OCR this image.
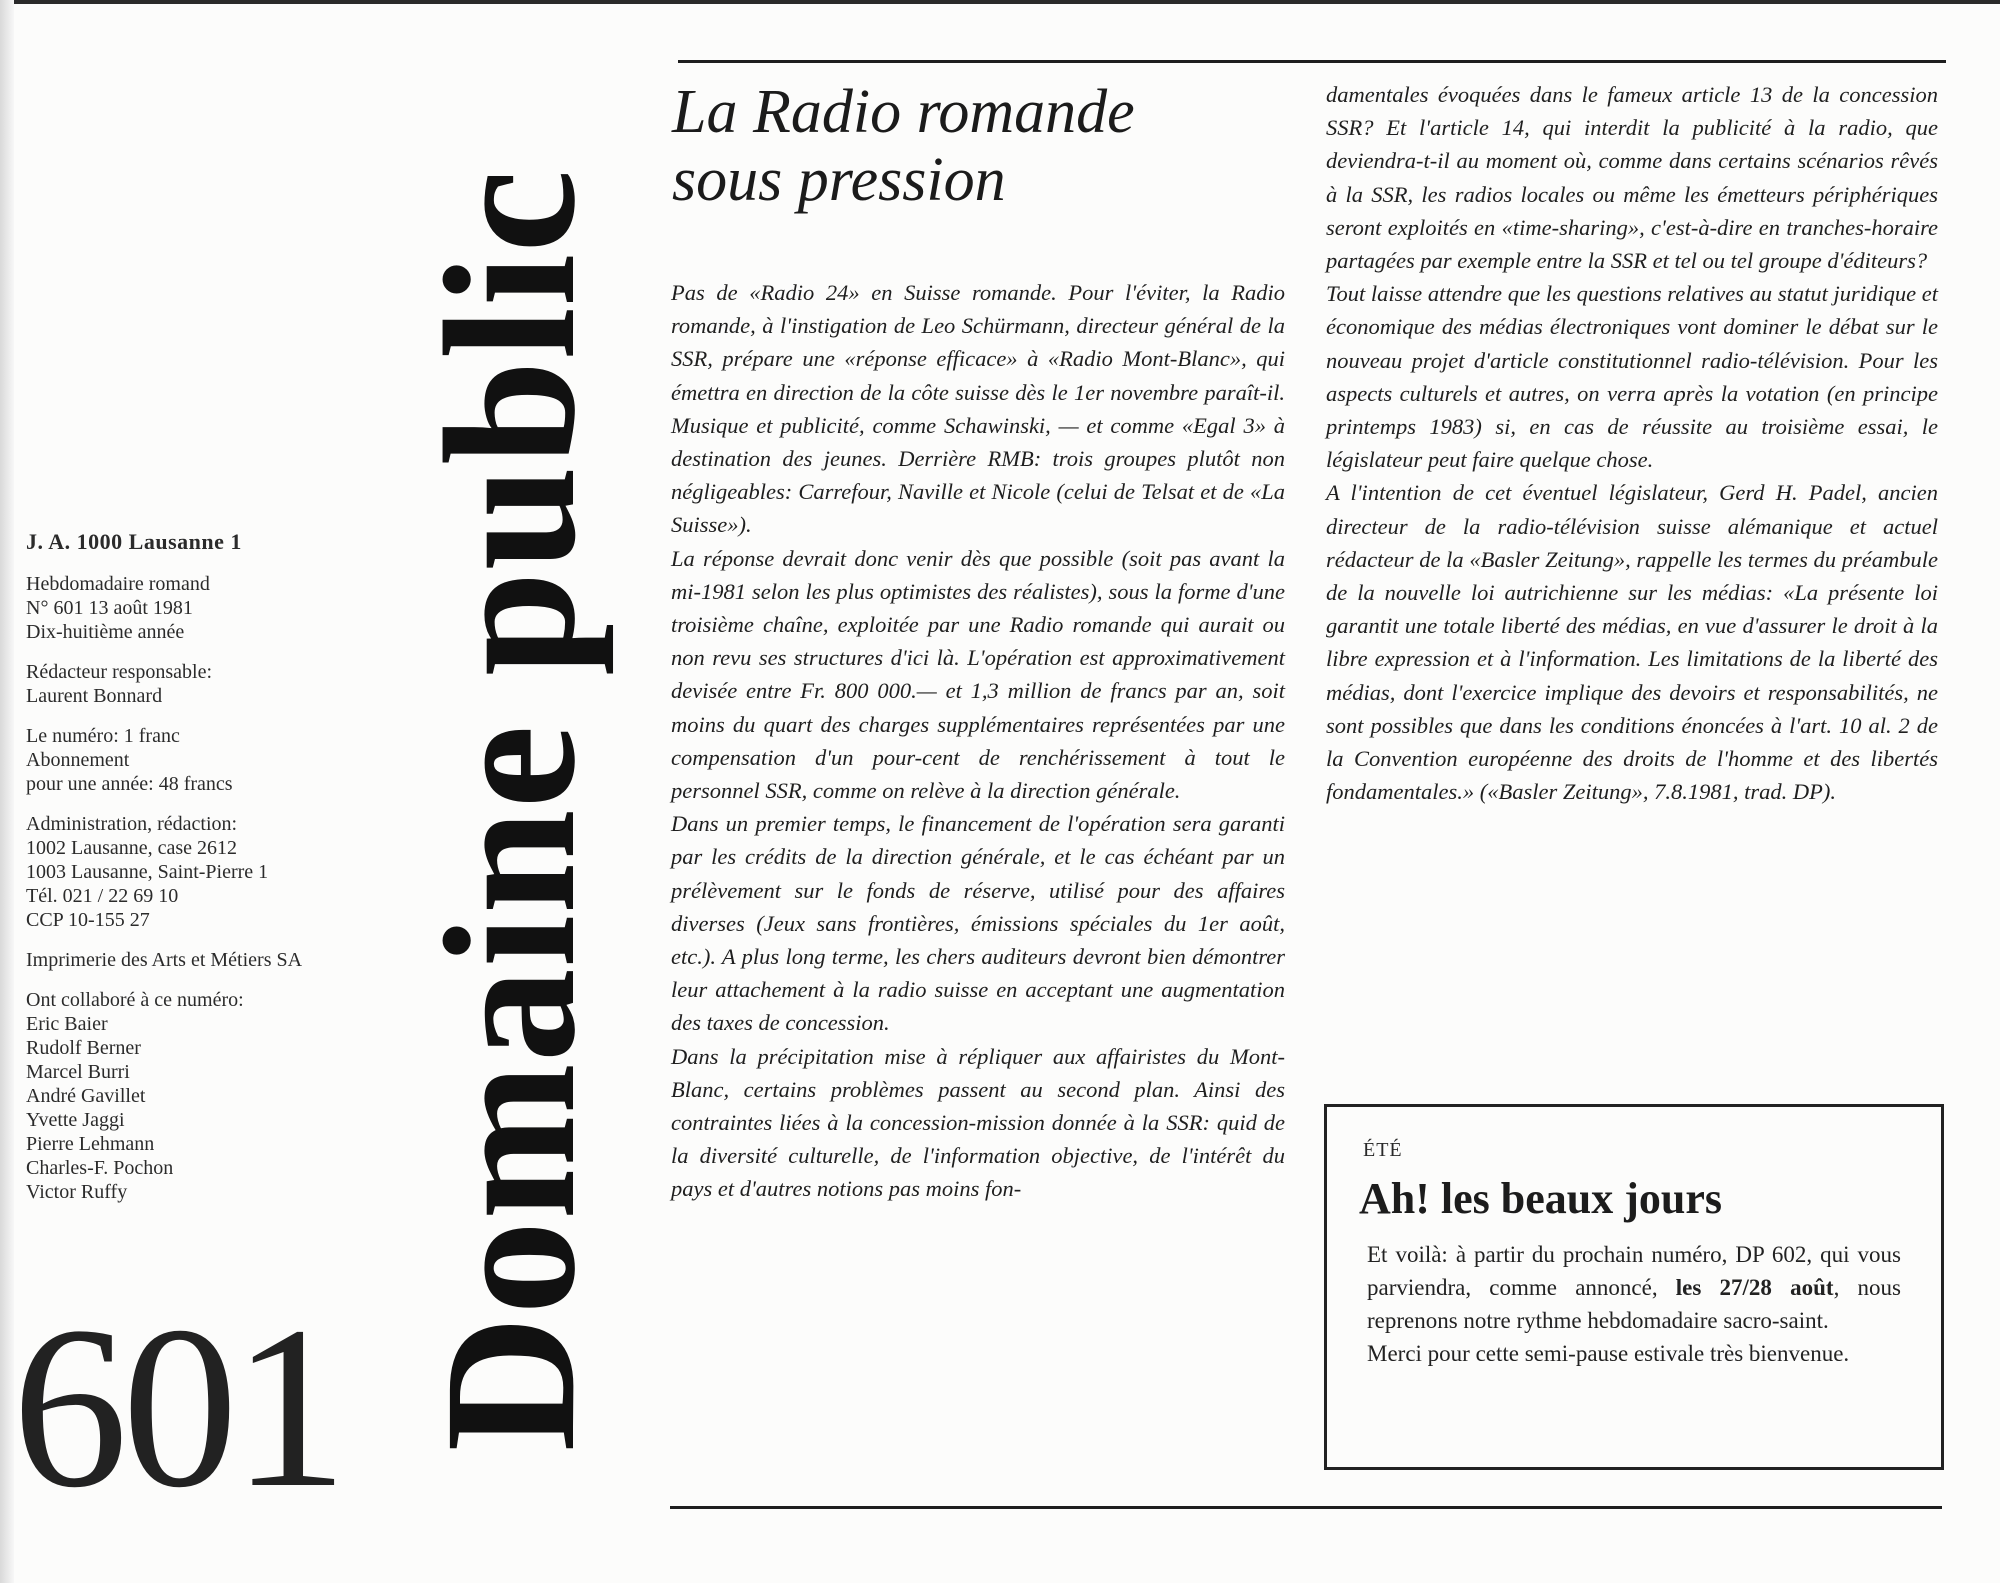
J. A. 1000 Lausanne 1
Hebdomadaire romand
N° 601 13 août 1981
Dix-huitième année
Rédacteur responsable:
Laurent Bonnard
Le numéro: 1 franc
Abonnement
pour une année: 48 francs
Administration, rédaction:
1002 Lausanne, case 2612
1003 Lausanne, Saint-Pierre 1
Tél. 021 / 22 69 10
CCP 10-155 27
Imprimerie des Arts et Métiers SA
Ont collaboré à ce numéro:
Eric Baier
Rudolf Berner
Marcel Burri
André Gavillet
Yvette Jaggi
Pierre Lehmann
Charles-F. Pochon
Victor Ruffy
601 Domaine public
La Radio romande
sous pression

Pas de «Radio 24» en Suisse romande. Pour l'éviter, la Radio romande, à l'instigation de Leo Schürmann, directeur général de la SSR, prépare une «réponse efficace» à «Radio Mont-Blanc», qui émettra en direction de la côte suisse dès le 1er novembre paraît-il. Musique et publicité, comme Schawinski, — et comme «Egal 3» à destination des jeunes. Derrière RMB: trois groupes plutôt non négligeables: Carrefour, Naville et Nicole (celui de Telsat et de «La Suisse»).

La réponse devrait donc venir dès que possible (soit pas avant la mi-1981 selon les plus optimistes des réalistes), sous la forme d'une troisième chaîne, exploitée par une Radio romande qui aurait ou non revu ses structures d'ici là. L'opération est approximativement devisée entre Fr. 800 000.— et 1,3 million de francs par an, soit moins du quart des charges supplémentaires représentées par une compensation d'un pour-cent de renchérissement à tout le personnel SSR, comme on relève à la direction générale.

Dans un premier temps, le financement de l'opération sera garanti par les crédits de la direction générale, et le cas échéant par un prélèvement sur le fonds de réserve, utilisé pour des affaires diverses (Jeux sans frontières, émissions spéciales du 1er août, etc.). A plus long terme, les chers auditeurs devront bien démontrer leur attachement à la radio suisse en acceptant une augmentation des taxes de concession.

Dans la précipitation mise à répliquer aux affairistes du Mont-Blanc, certains problèmes passent au second plan. Ainsi des contraintes liées à la concession-mission donnée à la SSR: quid de la diversité culturelle, de l'information objective, de l'intérêt du pays et d'autres notions pas moins fon-

damentales évoquées dans le fameux article 13 de la concession SSR? Et l'article 14, qui interdit la publicité à la radio, que deviendra-t-il au moment où, comme dans certains scénarios rêvés à la SSR, les radios locales ou même les émetteurs périphériques seront exploités en «time-sharing», c'est-à-dire en tranches-horaire partagées par exemple entre la SSR et tel ou tel groupe d'éditeurs?

Tout laisse attendre que les questions relatives au statut juridique et économique des médias électroniques vont dominer le débat sur le nouveau projet d'article constitutionnel radio-télévision. Pour les aspects culturels et autres, on verra après la votation (en principe printemps 1983) si, en cas de réussite au troisième essai, le législateur peut faire quelque chose.

A l'intention de cet éventuel législateur, Gerd H. Padel, ancien directeur de la radio-télévision suisse alémanique et actuel rédacteur de la «Basler Zeitung», rappelle les termes du préambule de la nouvelle loi autrichienne sur les médias: «La présente loi garantit une totale liberté des médias, en vue d'assurer le droit à la libre expression et à l'information. Les limitations de la liberté des médias, dont l'exercice implique des devoirs et responsabilités, ne sont possibles que dans les conditions énoncées à l'art. 10 al. 2 de la Convention européenne des droits de l'homme et des libertés fondamentales.» («Basler Zeitung», 7.8.1981, trad. DP).

ÉTÉ
Ah! les beaux jours

Et voilà: à partir du prochain numéro, DP 602, qui vous parviendra, comme annoncé, les 27/28 août, nous reprenons notre rythme hebdomadaire sacro-saint.

Merci pour cette semi-pause estivale très bienvenue.
